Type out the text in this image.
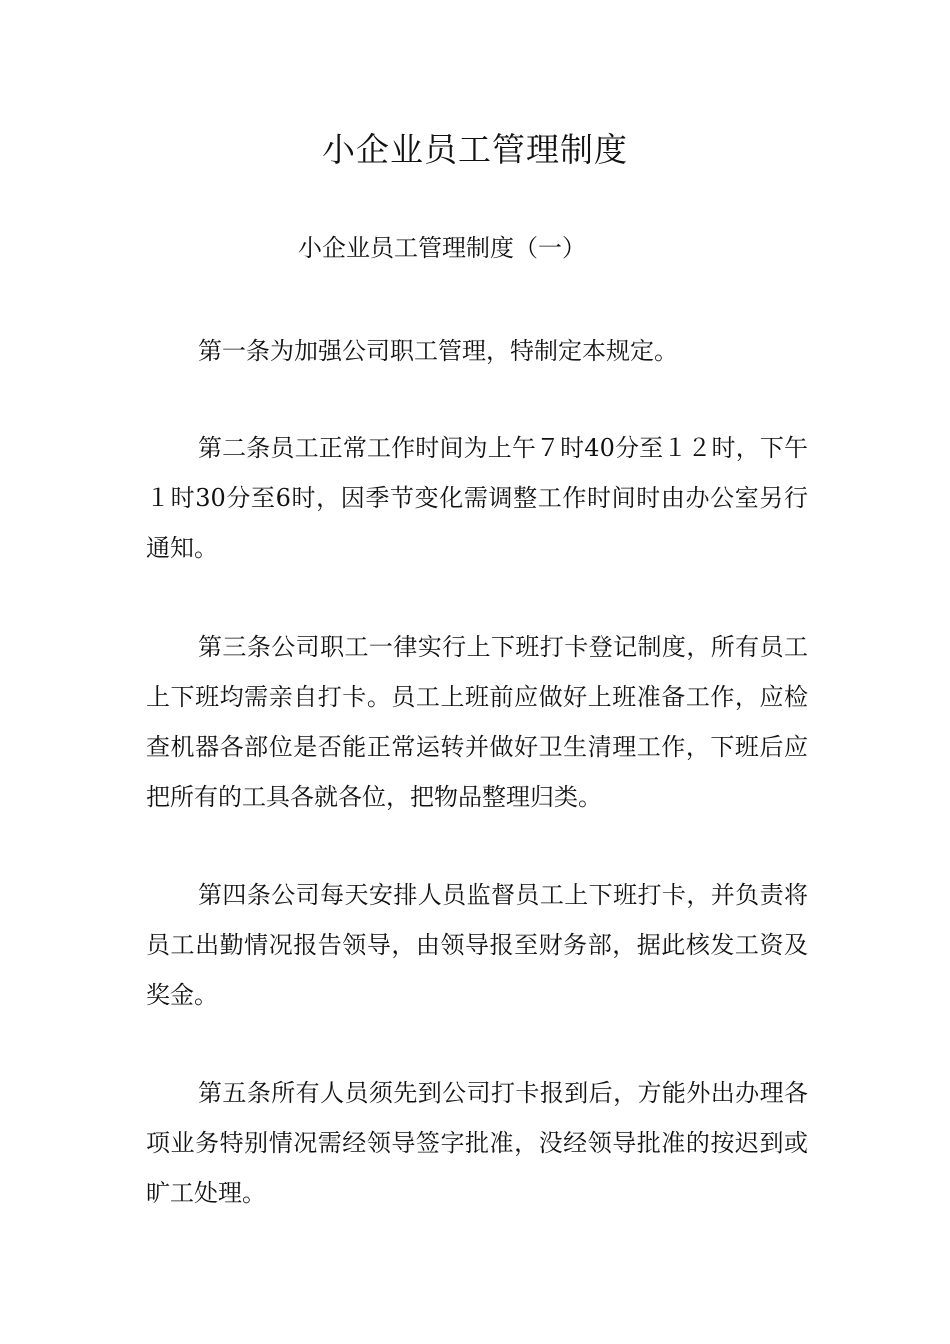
小企业员工管理制度

小企业员工管理制度（一）

第一条为加强公司职工管理，特制定本规定。

第二条员工正常工作时间为上午７时40分至１２时，下午１时30分至6时，因季节变化需调整工作时间时由办公室另行通知。

第三条公司职工一律实行上下班打卡登记制度，所有员工上下班均需亲自打卡。员工上班前应做好上班准备工作，应检查机器各部位是否能正常运转并做好卫生清理工作，下班后应把所有的工具各就各位，把物品整理归类。

第四条公司每天安排人员监督员工上下班打卡，并负责将员工出勤情况报告领导，由领导报至财务部，据此核发工资及奖金。

第五条所有人员须先到公司打卡报到后，方能外出办理各项业务特别情况需经领导签字批准，没经领导批准的按迟到或旷工处理。
